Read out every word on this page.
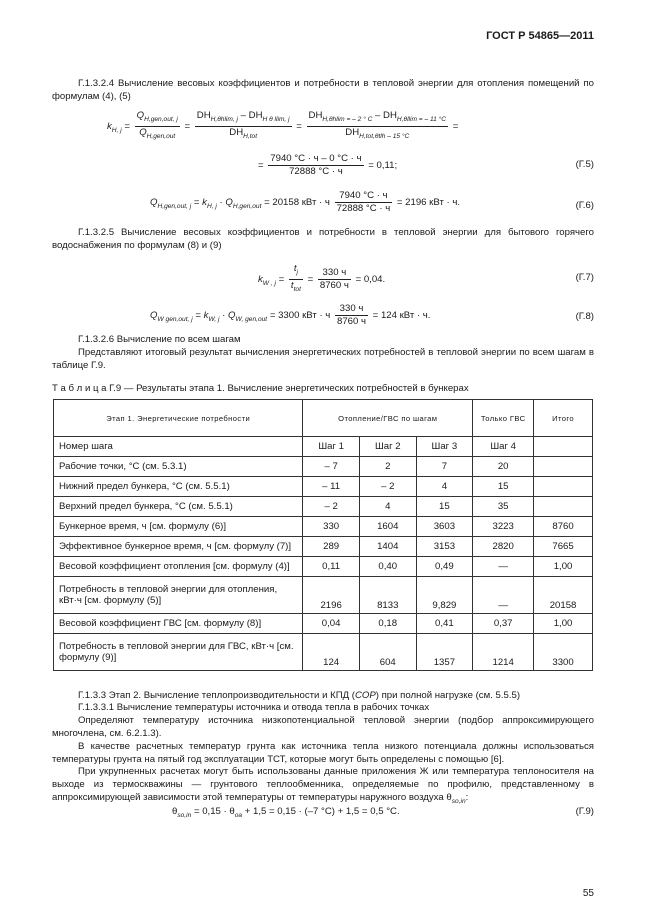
ГОСТ Р 54865—2011
Г.1.3.2.4 Вычисление весовых коэффициентов и потребности в тепловой энергии для отопления помещений по формулам (4), (5)
$k_{H, j} = \frac{Q_{H,gen,out, j}}{Q_{H,gen,out}} = \frac{DH_{H,\theta hlim, j} - DH_{H \theta llim, j}}{DH_{H,tot}} = \frac{DH_{H,\theta hlim = - 2 ^\circ C} - DH_{H,\theta llim = - 11 ^\circ C}}{DH_{H,tot,\theta tlh - 15 ^\circ C}}$ =
= $\frac{7940 ^\circ C \cdot ч - 0 ^\circ C \cdot ч}{72888 ^\circ C \cdot ч} = 0,11$;	(Г.5)
$Q_{H,gen,out, j} = k_{H, j} \cdot Q_{H,gen,out} = 20158$ кВт · ч $\frac{7940 ^\circ C \cdot ч}{72888 ^\circ C \cdot ч} = 2196$ кВт · ч.	(Г.6)
Г.1.3.2.5 Вычисление весовых коэффициентов и потребности в тепловой энергии для бытового горячего водоснабжения по формулам (8) и (9)
$k_{W , j} = \frac{t_j}{t_{tot}} = \frac{330 ч}{8760 ч} = 0,04$.	(Г.7)
$Q_{W gen,out, j} = k_{W, j} \cdot Q_{W, gen,out} = 3300$ кВт · ч $\frac{330 ч}{8760 ч} = 124$ кВт · ч.	(Г.8)
Г.1.3.2.6 Вычисление по всем шагам
Представляют итоговый результат вычисления энергетических потребностей в тепловой энергии по всем шагам в таблице Г.9.
Т а б л и ц а Г.9 — Результаты этапа 1. Вычисление энергетических потребностей в бункерах
Этап 1. Энергетические потребности	Отопление/ГВС по шагам			Только ГВС	Итого
Номер шага	Шаг 1	Шаг 2	Шаг 3	Шаг 4	
Рабочие точки, °С (см. 5.3.1)	– 7	2	7	20	
Нижний предел бункера, °С (см. 5.5.1)	– 11	– 2	4	15	
Верхний предел бункера, °С (см. 5.5.1)	– 2	4	15	35	
Бункерное время, ч [см. формулу (6)]	330	1604	3603	3223	8760
Эффективное бункерное время, ч [см. формулу (7)]	289	1404	3153	2820	7665
Весовой коэффициент отопления [см. формулу (4)]	0,11	0,40	0,49	—	1,00
Потребность в тепловой энергии для отопления, кВт·ч [см. формулу (5)]	2196	8133	9,829	—	20158
Весовой коэффициент ГВС [см. формулу (8)]	0,04	0,18	0,41	0,37	1,00
Потребность в тепловой энергии для ГВС, кВт·ч [см. формулу (9)]	124	604	1357	1214	3300
Г.1.3.3 Этап 2. Вычисление теплопроизводительности и КПД (COP) при полной нагрузке (см. 5.5.5)
Г.1.3.3.1 Вычисление температуры источника и отвода тепла в рабочих точках
Определяют температуру источника низкопотенциальной тепловой энергии (подбор аппроксимирующего многочлена, см. 6.2.1.3).
В качестве расчетных температур грунта как источника тепла низкого потенциала должны использоваться температуры грунта на пятый год эксплуатации ТСТ, которые могут быть определены с помощью [6].
При укрупненных расчетах могут быть использованы данные приложения Ж или температура теплоносителя на выходе из термоскважины — грунтового теплообменника, определяемые по профилю, представленному в аппроксимирующей зависимости этой температуры от температуры наружного воздуха $\theta_{so,in}$:
$\theta_{so,in} = 0,15 \cdot \theta_{oa} + 1,5 = 0,15 \cdot (-7$ °C) + 1,5 = 0,5 °C.	(Г.9)
55
